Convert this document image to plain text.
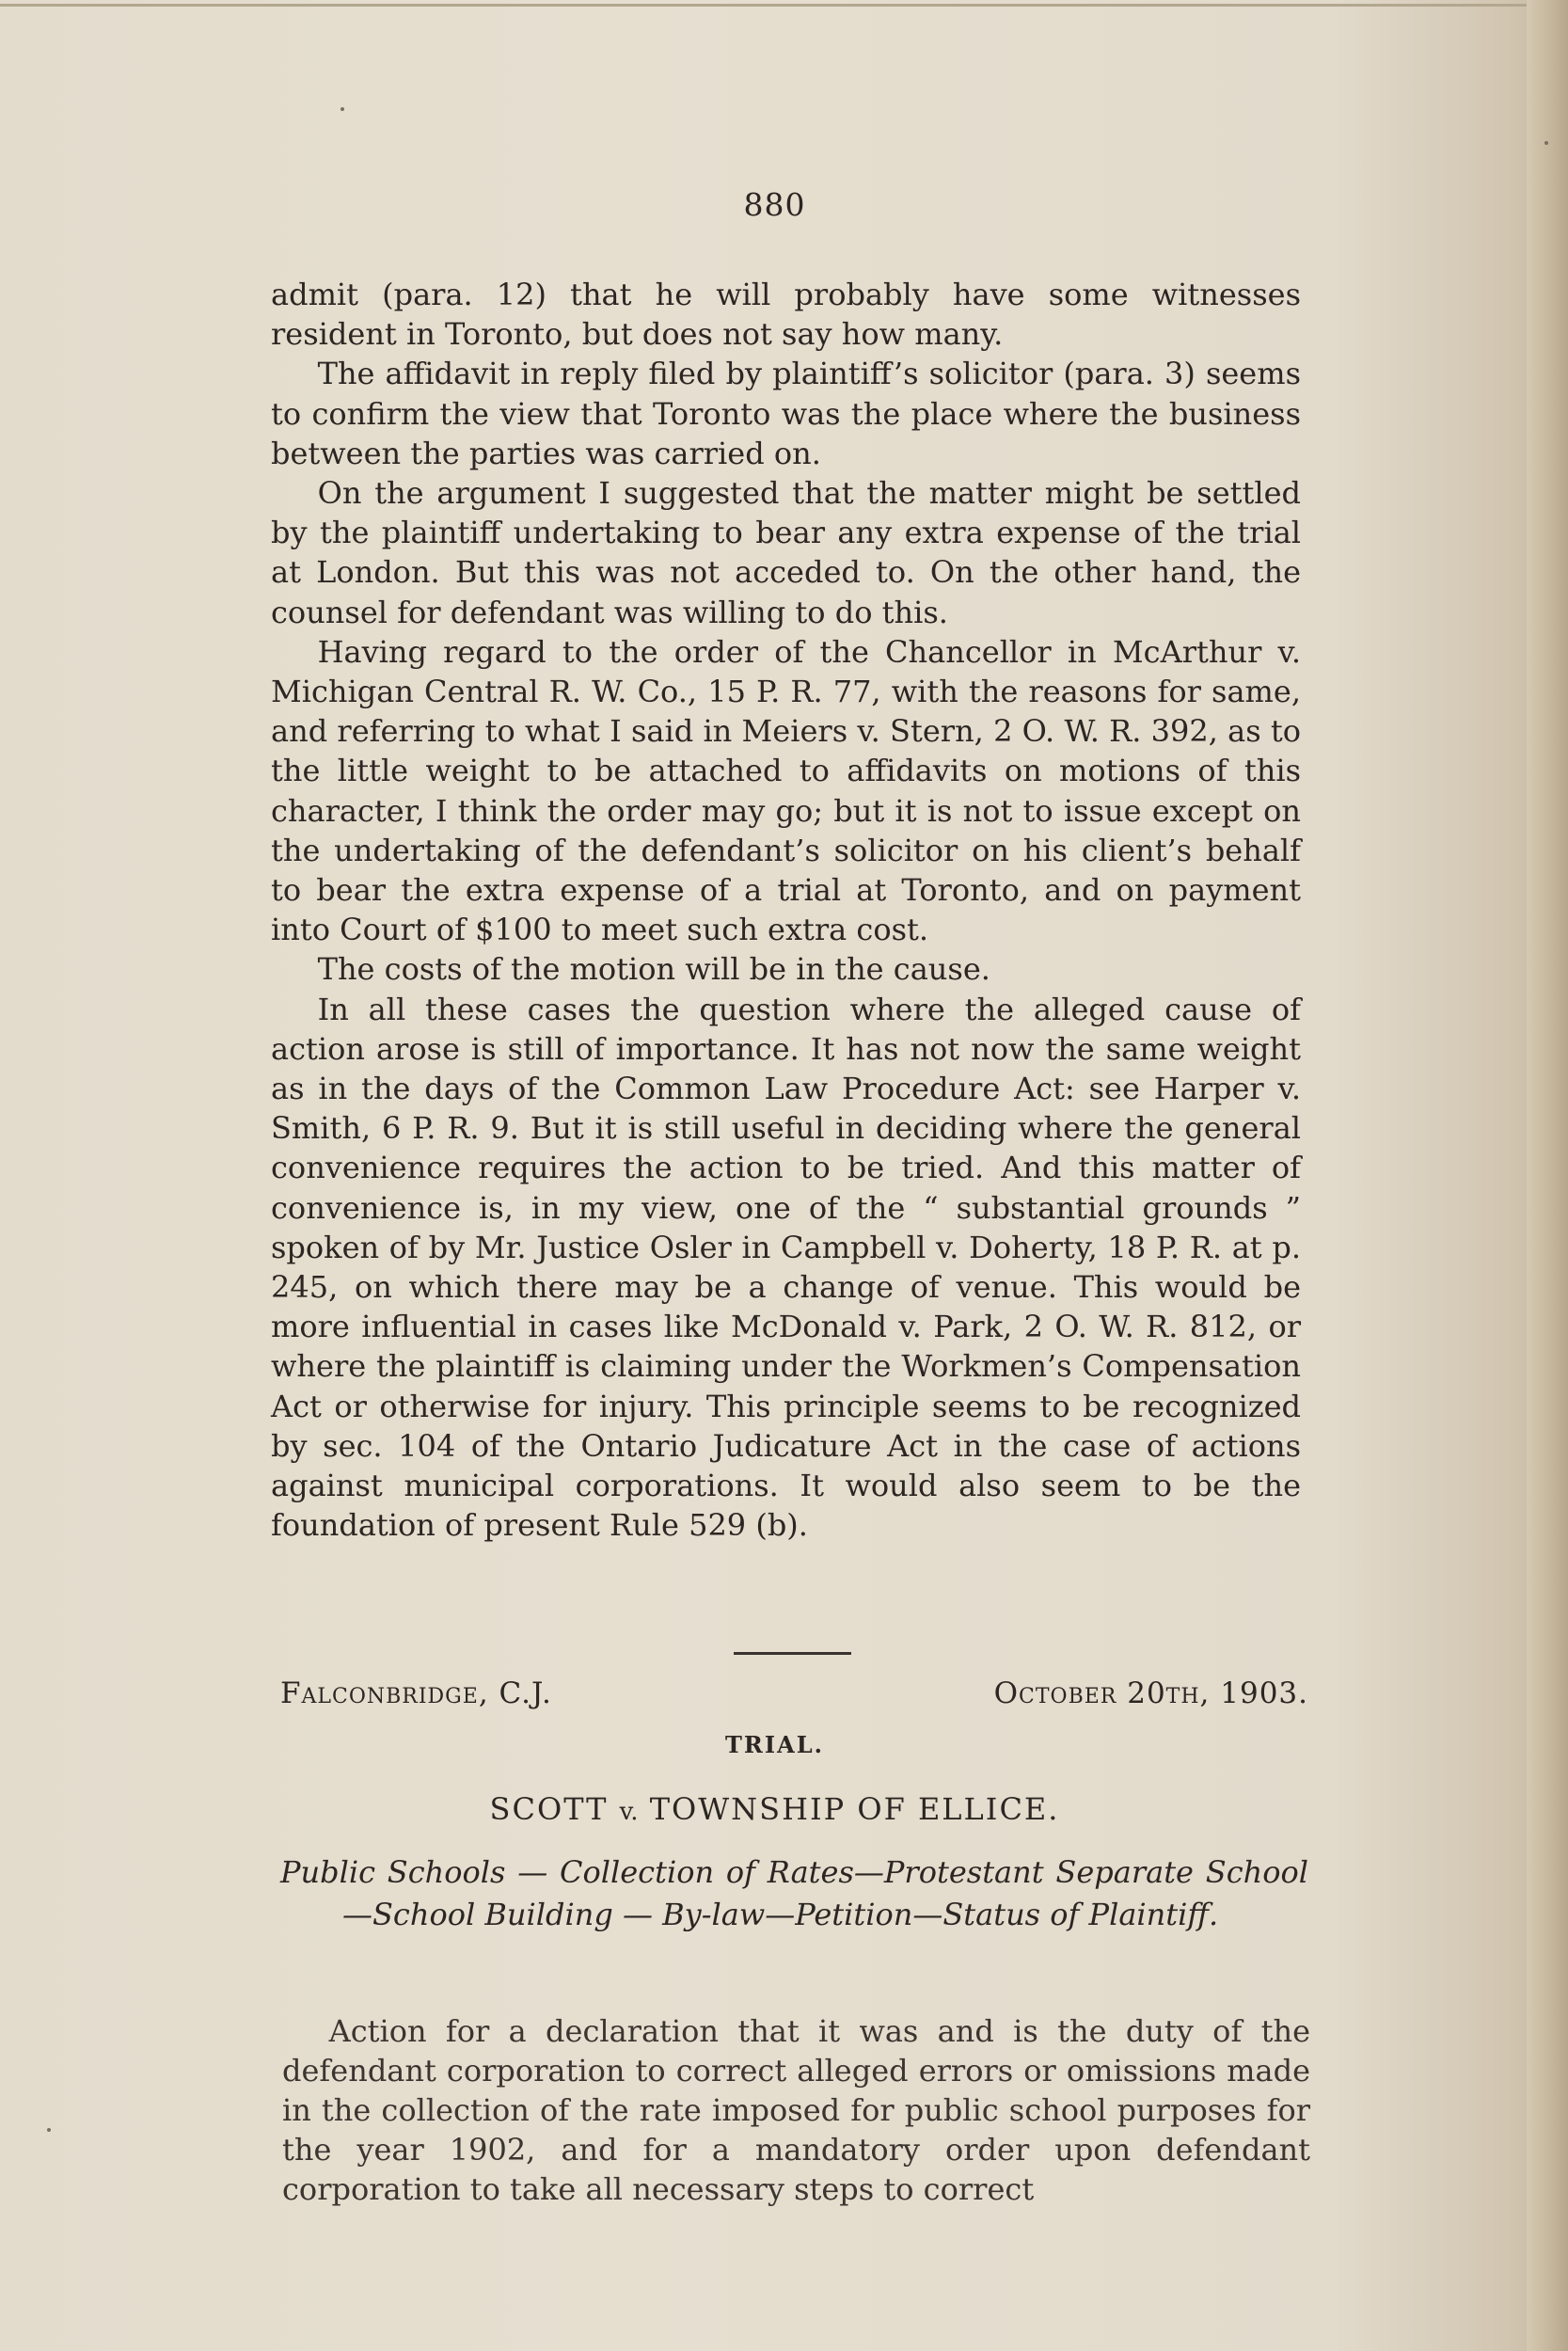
880

admit (para. 12) that he will probably have some witnesses resident in Toronto, but does not say how many.

The affidavit in reply filed by plaintiff’s solicitor (para. 3) seems to confirm the view that Toronto was the place where the business between the parties was carried on.

On the argument I suggested that the matter might be settled by the plaintiff undertaking to bear any extra expense of the trial at London. But this was not acceded to. On the other hand, the counsel for defendant was willing to do this.

Having regard to the order of the Chancellor in McArthur v. Michigan Central R. W. Co., 15 P. R. 77, with the reasons for same, and referring to what I said in Meiers v. Stern, 2 O. W. R. 392, as to the little weight to be attached to affidavits on motions of this character, I think the order may go; but it is not to issue except on the undertaking of the defendant’s solicitor on his client’s behalf to bear the extra expense of a trial at Toronto, and on payment into Court of $100 to meet such extra cost.

The costs of the motion will be in the cause.

In all these cases the question where the alleged cause of action arose is still of importance. It has not now the same weight as in the days of the Common Law Procedure Act: see Harper v. Smith, 6 P. R. 9. But it is still useful in deciding where the general convenience requires the action to be tried. And this matter of convenience is, in my view, one of the “ substantial grounds ” spoken of by Mr. Justice Osler in Campbell v. Doherty, 18 P. R. at p. 245, on which there may be a change of venue. This would be more influential in cases like McDonald v. Park, 2 O. W. R. 812, or where the plaintiff is claiming under the Workmen’s Compensation Act or otherwise for injury. This principle seems to be recognized by sec. 104 of the Ontario Judicature Act in the case of actions against municipal corporations. It would also seem to be the foundation of present Rule 529 (b).

Falconbridge, C.J.	October 20th, 1903.
TRIAL.
SCOTT v. TOWNSHIP OF ELLICE.
Public Schools — Collection of Rates—Protestant Separate School—School Building — By-law—Petition—Status of Plaintiff.
Action for a declaration that it was and is the duty of the defendant corporation to correct alleged errors or omissions made in the collection of the rate imposed for public school purposes for the year 1902, and for a mandatory order upon defendant corporation to take all necessary steps to correct
